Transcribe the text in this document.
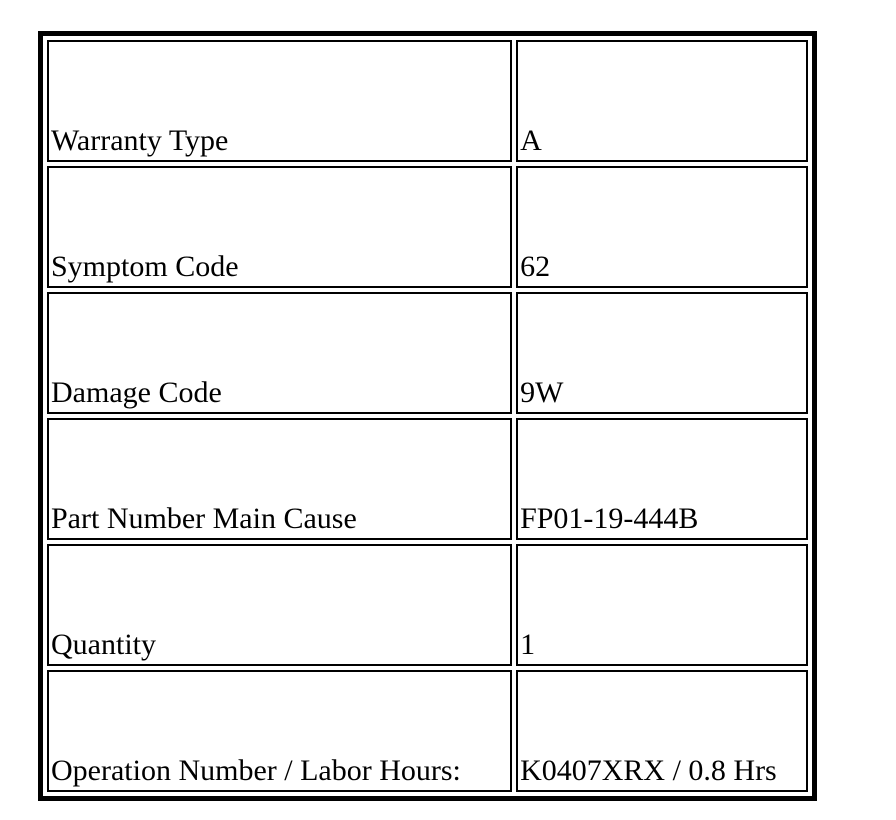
Warranty Type	A
Symptom Code	62
Damage Code	9W
Part Number Main Cause	FP01-19-444B
Quantity	1
Operation Number / Labor Hours:	K0407XRX / 0.8 Hrs
